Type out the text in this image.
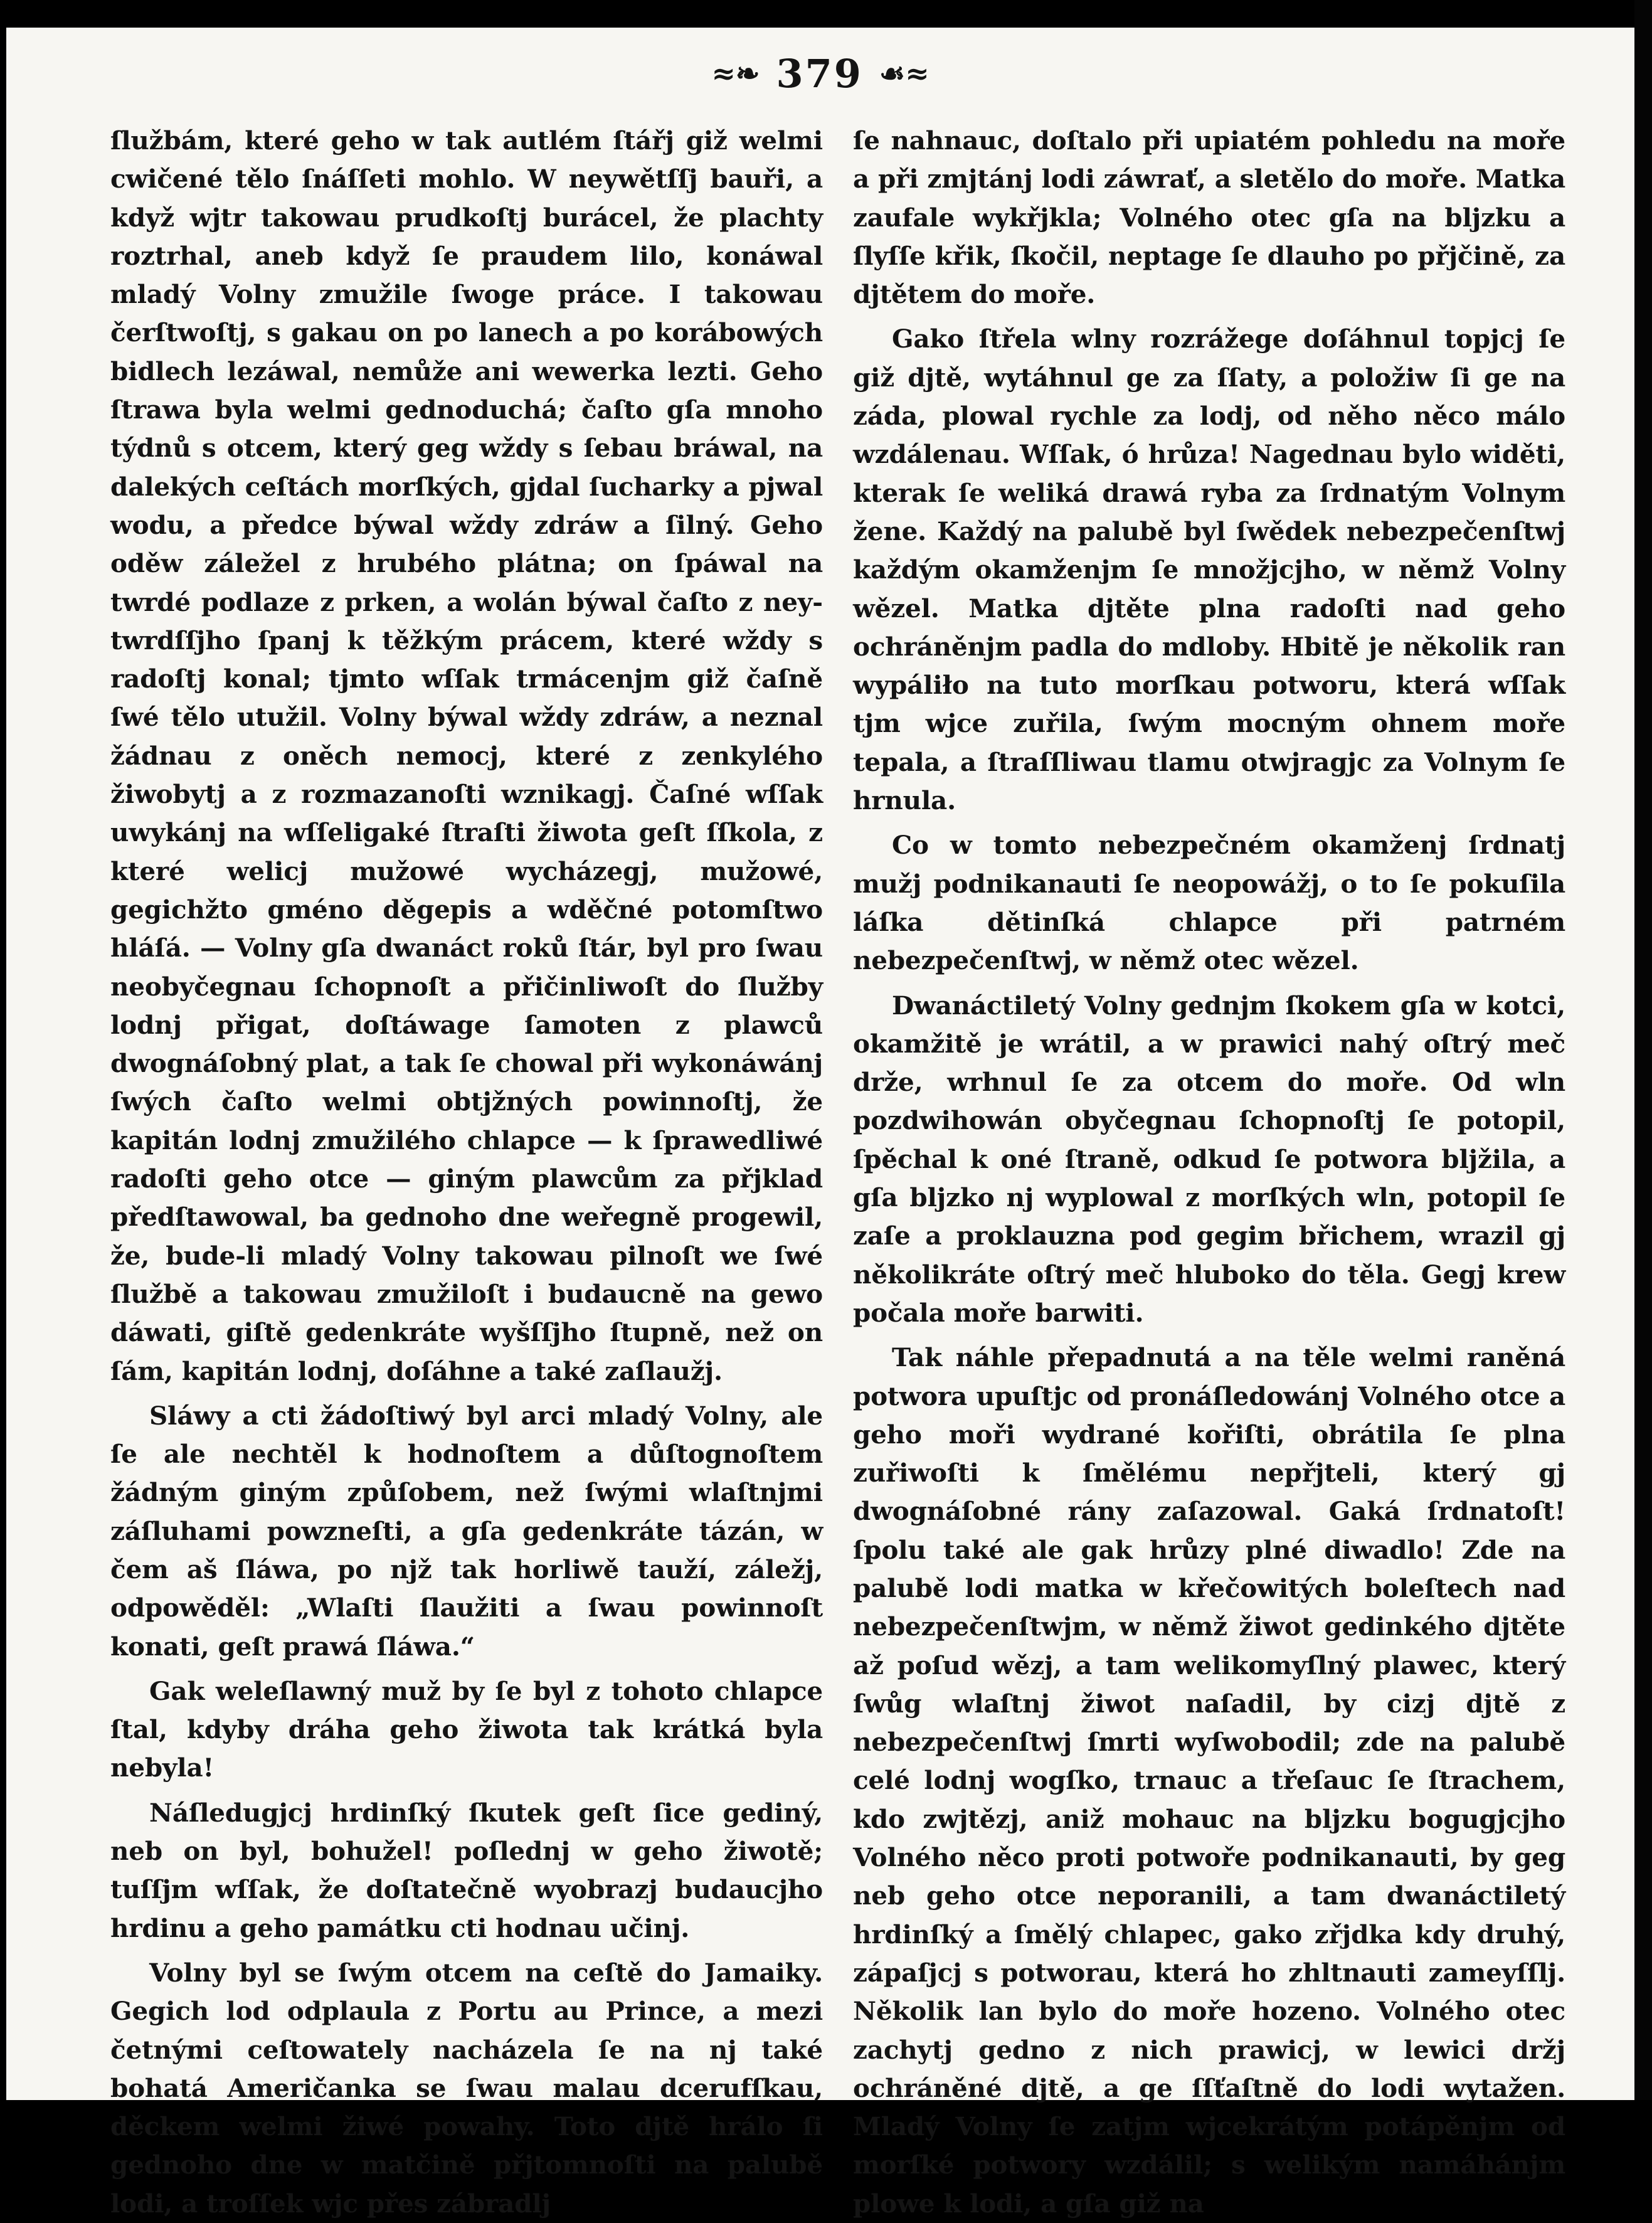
≈❧ 379 ☙≈

ſlužbám, které geho w tak autlém ſtářj giž welmi cwičené tělo ſnáſſeti mohlo. W neywětſſj bauři, a když wjtr takowau prudkoſtj burácel, že plachty roztrhal, aneb když ſe praudem lilo, konáwal mladý Volny zmužile ſwoge práce. I takowau čerſtwoſtj, s gakau on po lanech a po korábowých bidlech lezáwal, nemůže ani wewerka lezti. Geho ſtrawa byla welmi gednoduchá; čaſto gſa mnoho týdnů s otcem, který geg wždy s ſebau bráwal, na dalekých ceſtách morſkých, gjdal ſucharky a pjwal wodu, a předce býwal wždy zdráw a ſilný. Geho oděw záležel z hrubého plátna; on ſpáwal na twrdé podlaze z prken, a wolán býwal čaſto z neytwrdſſjho ſpanj k těžkým prácem, které wždy s radoſtj konal; tjmto wſſak trmácenjm giž čaſně ſwé tělo utužil. Volny býwal wždy zdráw, a neznal žádnau z oněch nemocj, které z zenkylého žiwobytj a z rozmazanoſti wznikagj. Čaſné wſſak uwykánj na wſſeligaké ſtraſti žiwota geſt ſſkola, z které welicj mužowé wycházegj, mužowé, gegichžto gméno děgepis a wděčné potomſtwo hláſá. — Volny gſa dwanáct roků ſtár, byl pro ſwau neobyčegnau ſchopnoſt a přičinliwoſt do ſlužby lodnj přigat, doſtáwage ſamoten z plawců dwognáſobný plat, a tak ſe chowal při wykonáwánj ſwých čaſto welmi obtjžných powinnoſtj, že kapitán lodnj zmužilého chlapce — k ſprawedliwé radoſti geho otce — giným plawcům za přjklad předſtawowal, ba gednoho dne weřegně progewil, že, bude-li mladý Volny takowau pilnoſt we ſwé ſlužbě a takowau zmužiloſt i budaucně na gewo dáwati, giſtě gedenkráte wyšſſjho ſtupně, než on ſám, kapitán lodnj, doſáhne a také zaſlaužj.

Sláwy a cti žádoſtiwý byl arci mladý Volny, ale ſe ale nechtěl k hodnoſtem a důſtognoſtem žádným giným způſobem, než ſwými wlaſtnjmi záſluhami powzneſti, a gſa gedenkráte tázán, w čem aš ſláwa, po njž tak horliwě tauží, záležj, odpowěděl: „Wlaſti ſlaužiti a ſwau powinnoſt konati, geſt prawá ſláwa.“

Gak weleſlawný muž by ſe byl z tohoto chlapce ſtal, kdyby dráha geho žiwota tak krátká byla nebyla!

Náſledugjcj hrdinſký ſkutek geſt ſice gediný, neb on byl, bohužel! poſlednj w geho žiwotě; tuſſjm wſſak, že doſtatečně wyobrazj budaucjho hrdinu a geho památku cti hodnau učinj.

Volny byl se ſwým otcem na ceſtě do Jamaiky. Gegich lod odplaula z Portu au Prince, a mezi četnými ceſtowately nacházela ſe na nj také bohatá Američanka se ſwau malau dcerufſkau, děckem welmi žiwé powahy. Toto djtě hrálo ſi gednoho dne w matčině přjtomnoſti na palubě lodi, a troſſek wjc přes zábradlj

ſe nahnauc, doſtalo při upiatém pohledu na moře a při zmjtánj lodi záwrať, a sletělo do moře. Matka zaufale wykřjkla; Volného otec gſa na bljzku a ſlyſſe křik, ſkočil, neptage ſe dlauho po přjčině, za djtětem do moře.

Gako ſtřela wlny rozrážege doſáhnul topjcj ſe giž djtě, wytáhnul ge za ſſaty, a položiw ſi ge na záda, plowal rychle za lodj, od něho něco málo wzdálenau. Wſſak, ó hrůza! Nagednau bylo widěti, kterak ſe weliká drawá ryba za ſrdnatým Volnym žene. Každý na palubě byl ſwědek nebezpečenſtwj každým okamženjm ſe množjcjho, w němž Volny wězel. Matka djtěte plna radoſti nad geho ochráněnjm padla do mdloby. Hbitě je několik ran wypáliło na tuto morſkau potworu, která wſſak tjm wjce zuřila, ſwým mocným ohnem moře tepala, a ſtraſſliwau tlamu otwjragjc za Volnym ſe hrnula.

Co w tomto nebezpečném okamženj ſrdnatj mužj podnikanauti ſe neopowážj, o to ſe pokuſila láſka dětinſká chlapce při patrném nebezpečenſtwj, w němž otec wězel.

Dwanáctiletý Volny gednjm ſkokem gſa w kotci, okamžitě je wrátil, a w prawici nahý oſtrý meč drže, wrhnul ſe za otcem do moře. Od wln pozdwihowán obyčegnau ſchopnoſtj ſe potopil, ſpěchal k oné ſtraně, odkud ſe potwora bljžila, a gſa bljzko nj wyplowal z morſkých wln, potopil ſe zaſe a proklauzna pod gegim břichem, wrazil gj několikráte oſtrý meč hluboko do těla. Gegj krew počala moře barwiti.

Tak náhle přepadnutá a na těle welmi raněná potwora upuſtjc od pronáſledowánj Volného otce a geho moři wydrané kořiſti, obrátila ſe plna zuřiwoſti k ſmělému nepřjteli, který gj dwognáſobné rány zaſazowal. Gaká ſrdnatoſt! ſpolu také ale gak hrůzy plné diwadlo! Zde na palubě lodi matka w křečowitých boleſtech nad nebezpečenſtwjm, w němž žiwot gedinkého djtěte až poſud wězj, a tam welikomyſlný plawec, který ſwůg wlaſtnj žiwot naſadil, by cizj djtě z nebezpečenſtwj ſmrti wyſwobodil; zde na palubě celé lodnj wogſko, trnauc a třeſauc ſe ſtrachem, kdo zwjtězj, aniž mohauc na bljzku bogugjcjho Volného něco proti potwoře podnikanauti, by geg neb geho otce neporanili, a tam dwanáctiletý hrdinſký a ſmělý chlapec, gako zřjdka kdy druhý, zápaſjcj s potworau, která ho zhltnauti zameyſſlj. Několik lan bylo do moře hozeno. Volného otec zachytj gedno z nich prawicj, w lewici držj ochráněné djtě, a ge ſſťaſtně do lodi wytažen. Mladý Volny ſe zatjm wjcekrátým potápěnjm od morſké potwory wzdálil; s welikým namáhánjm plowe k lodi, a gſa giž na
